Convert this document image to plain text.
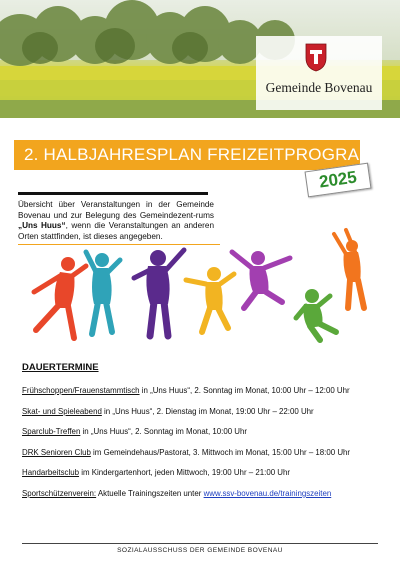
Gemeinde Bovenau
2. HALBJAHRESPLAN FREIZEITPROGRAMM
2025

Übersicht über Veranstaltungen in der Gemeinde Bovenau und zur Belegung des Gemeindezent-rums „Uns Huus“, wenn die Veranstaltungen an anderen Orten stattfinden, ist dieses angegeben.

DAUERTERMINE
Frühschoppen/Frauenstammtisch in „Uns Huus“, 2. Sonntag im Monat, 10:00 Uhr – 12:00 Uhr
Skat- und Spieleabend in „Uns Huus“, 2. Dienstag im Monat, 19:00 Uhr – 22:00 Uhr
Sparclub-Treffen in „Uns Huus“, 2. Sonntag im Monat, 10:00 Uhr
DRK Senioren Club im Gemeindehaus/Pastorat, 3. Mittwoch im Monat, 15:00 Uhr – 18:00 Uhr
Handarbeitsclub im Kindergartenhort, jeden Mittwoch, 19:00 Uhr – 21:00 Uhr
Sportschützenverein: Aktuelle Trainingszeiten unter www.ssv-bovenau.de/trainingszeiten
SOZIALAUSSCHUSS DER GEMEINDE BOVENAU
